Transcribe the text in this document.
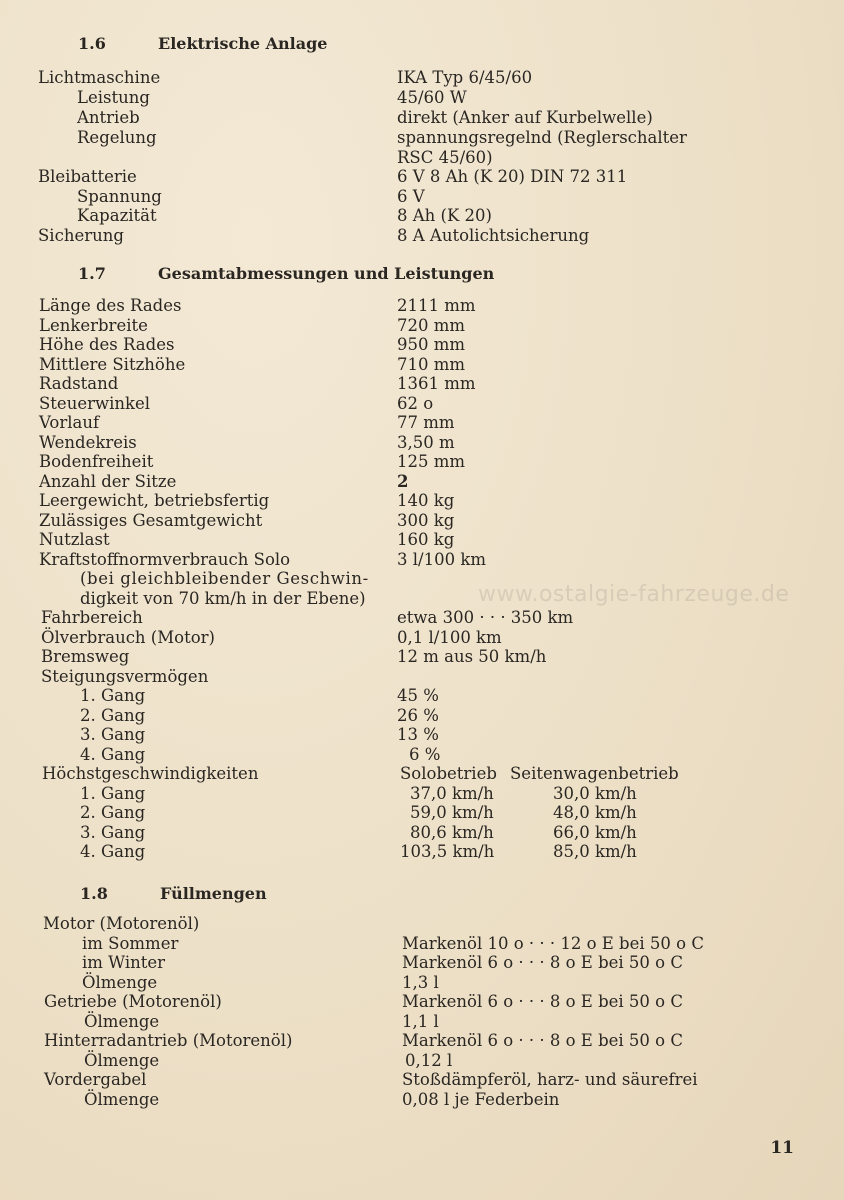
1.6	Elektrische Anlage
Lichtmaschine	IKA Typ 6/45/60
Leistung	45/60 W
Antrieb	direkt (Anker auf Kurbelwelle)
Regelung	spannungsregelnd (Reglerschalter
RSC 45/60)
Bleibatterie	6 V 8 Ah (K 20) DIN 72 311
Spannung	6 V
Kapazität	8 Ah (K 20)
Sicherung	8 A Autolichtsicherung
1.7	Gesamtabmessungen und Leistungen
Länge des Rades	2111 mm
Lenkerbreite	720 mm
Höhe des Rades	950 mm
Mittlere Sitzhöhe	710 mm
Radstand	1361 mm
Steuerwinkel	62 o
Vorlauf	77 mm
Wendekreis	3,50 m
Bodenfreiheit	125 mm
Anzahl der Sitze	2
Leergewicht, betriebsfertig	140 kg
Zulässiges Gesamtgewicht	300 kg
Nutzlast	160 kg
Kraftstoffnormverbrauch Solo	3 l/100 km
(bei gleichbleibender Geschwin-
digkeit von 70 km/h in der Ebene)
Fahrbereich	etwa 300 · · · 350 km
Ölverbrauch (Motor)	0,1 l/100 km
Bremsweg	12 m aus 50 km/h
Steigungsvermögen
1. Gang	45 %
2. Gang	26 %
3. Gang	13 %
4. Gang	6 %
Höchstgeschwindigkeiten	Solobetrieb Seitenwagenbetrieb
1. Gang	37,0 km/h	30,0 km/h
2. Gang	59,0 km/h	48,0 km/h
3. Gang	80,6 km/h	66,0 km/h
4. Gang	103,5 km/h	85,0 km/h
1.8	Füllmengen
Motor (Motorenöl)
im Sommer	Markenöl 10 o · · · 12 o E bei 50 o C
im Winter	Markenöl 6 o · · · 8 o E bei 50 o C
Ölmenge	1,3 l
Getriebe (Motorenöl)	Markenöl 6 o · · · 8 o E bei 50 o C
Ölmenge	1,1 l
Hinterradantrieb (Motorenöl)	Markenöl 6 o · · · 8 o E bei 50 o C
Ölmenge	0,12 l
Vordergabel	Stoßdämpferöl, harz- und säurefrei
Ölmenge	0,08 l je Federbein
www.ostalgie-fahrzeuge.de
11
